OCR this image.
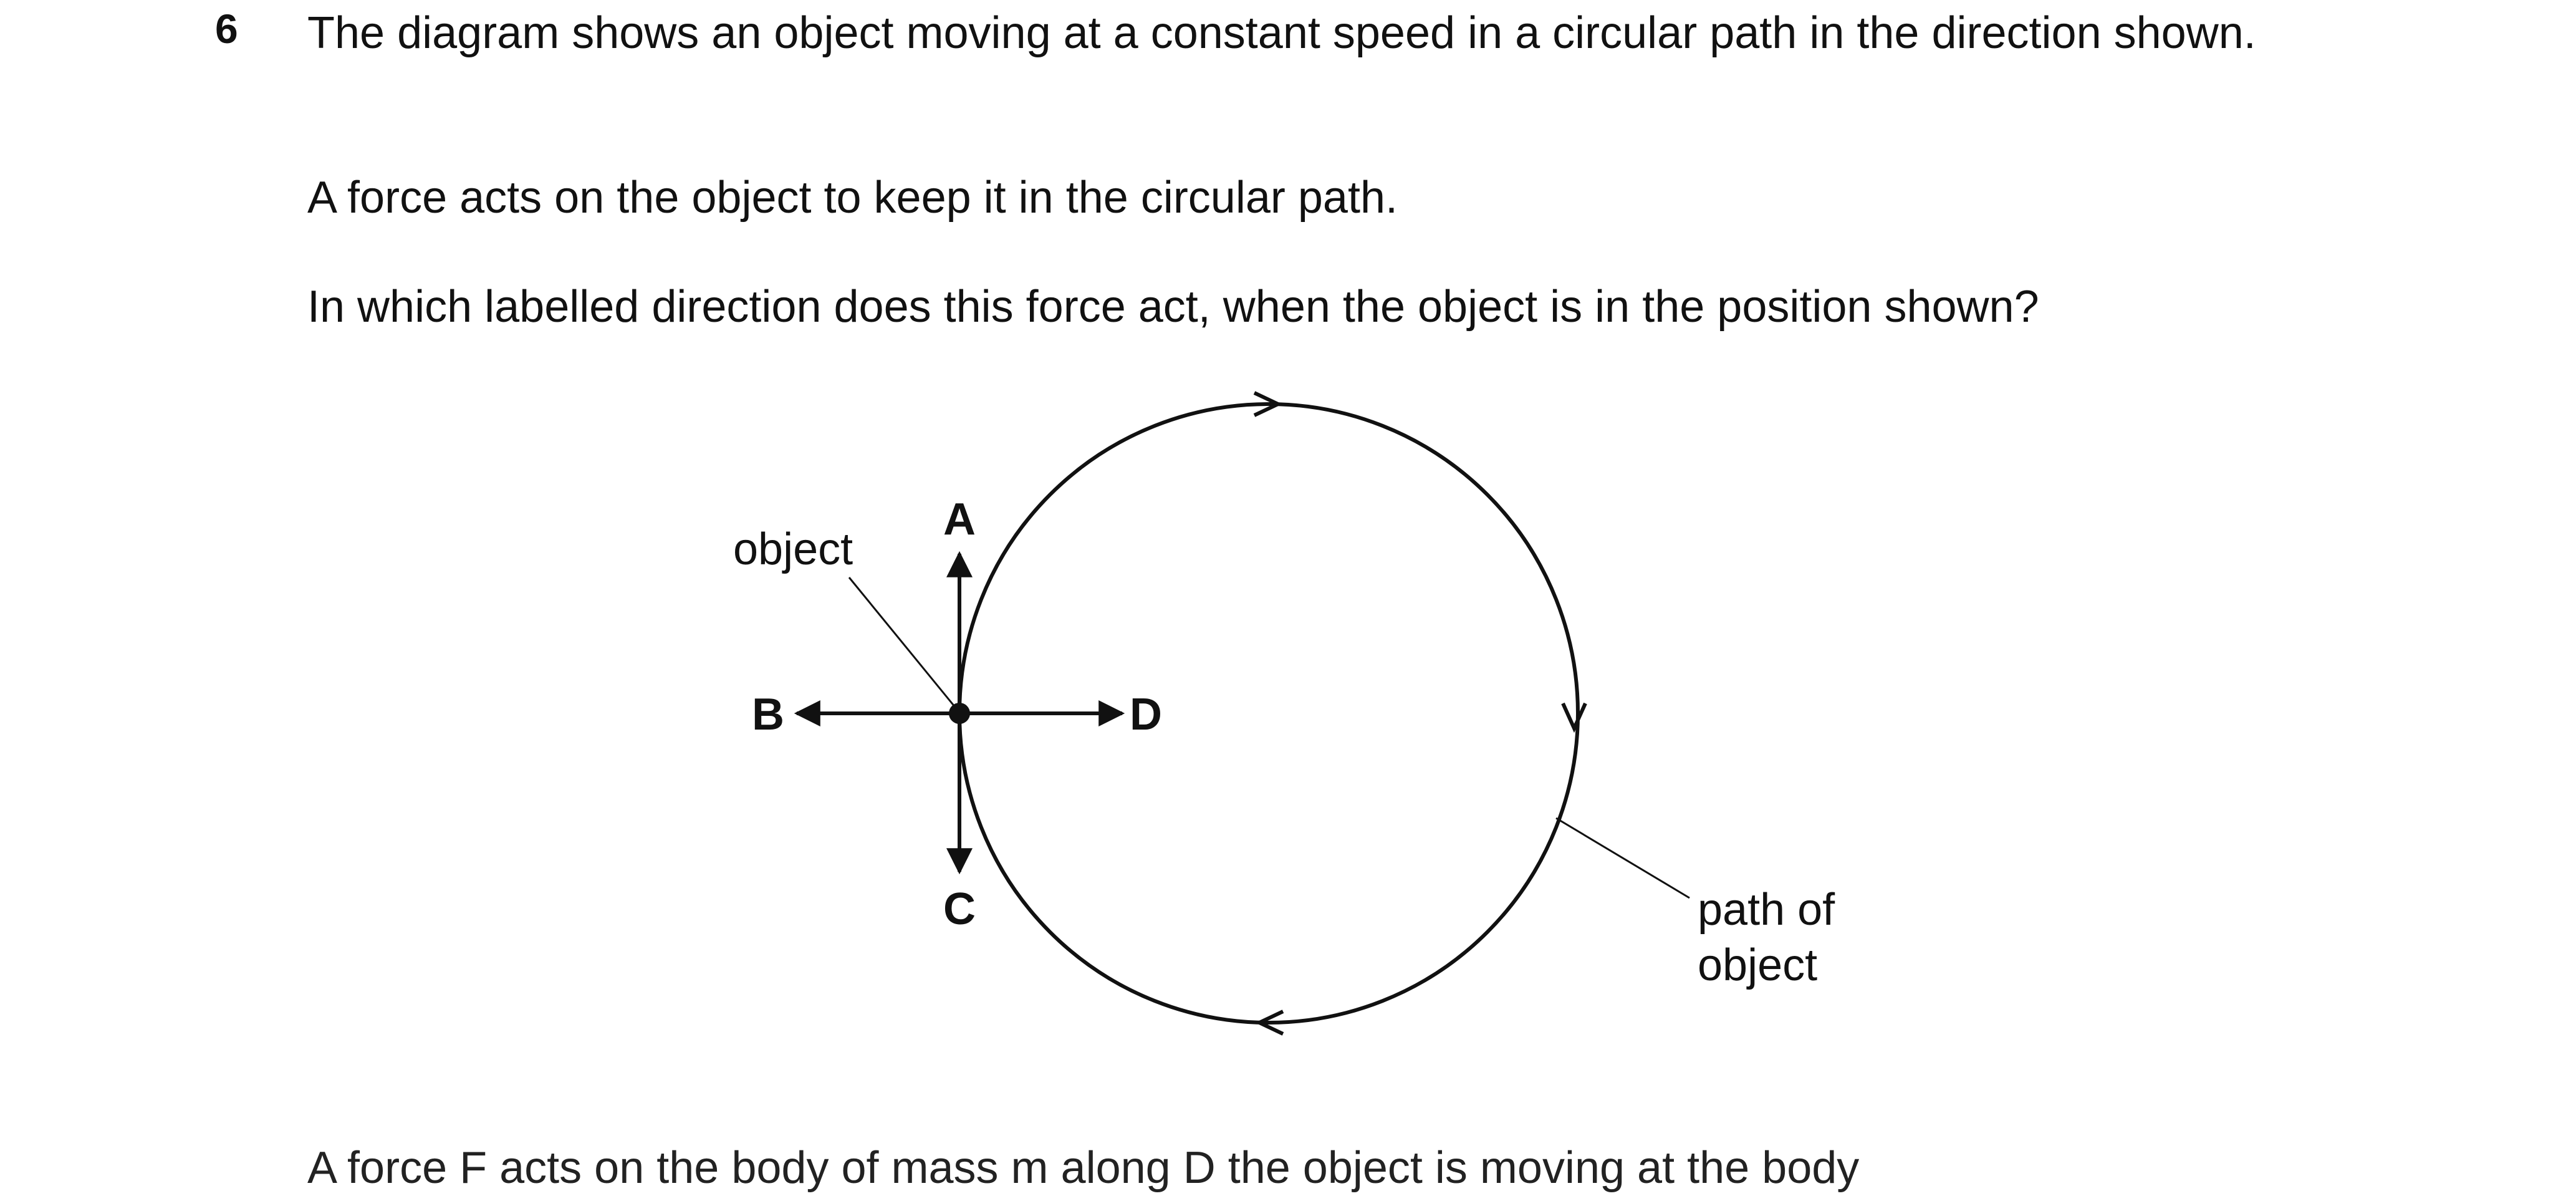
6 The diagram shows an object moving at a constant speed in a circular path in the direction shown.
A force acts on the object to keep it in the circular path.
In which labelled direction does this force act, when the object is in the position shown?
A
B
C
D
object
path of
object
A force F acts on the body of mass m along D the object is moving at the body
